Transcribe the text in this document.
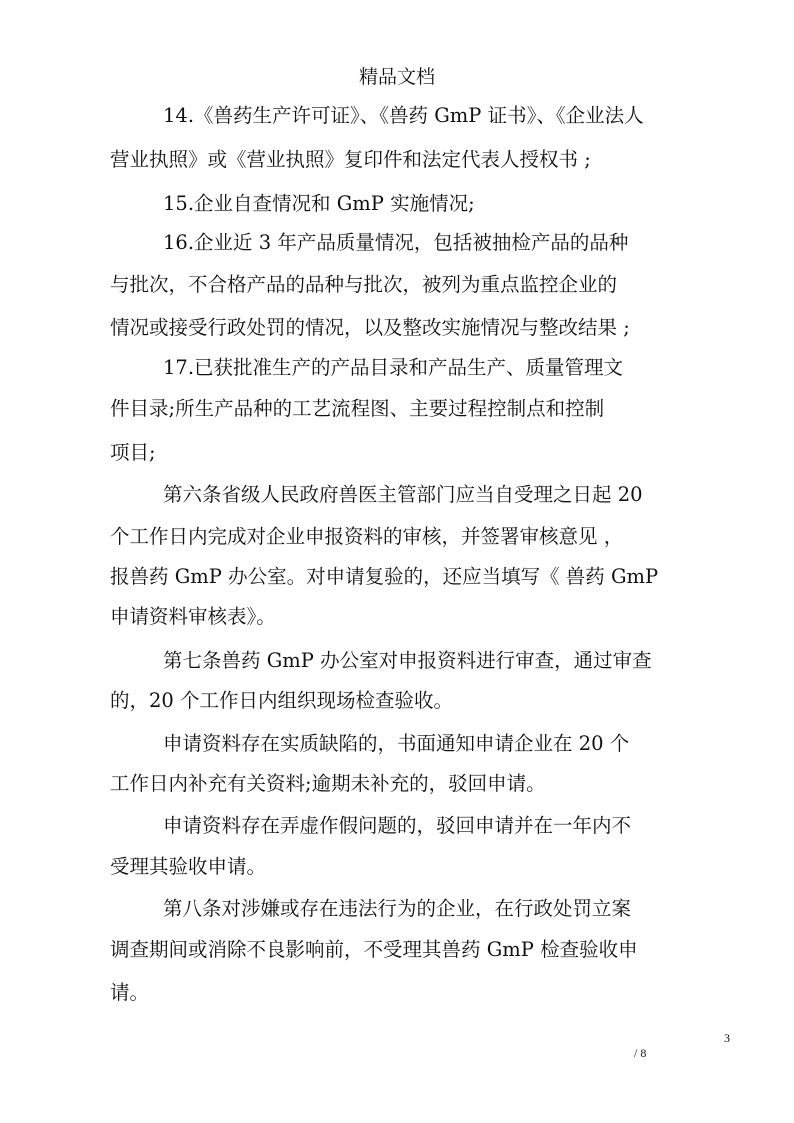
精品文档
14.《兽药生产许可证》、《兽药 GmP 证书》、《企业法人
营业执照》或《营业执照》复印件和法定代表人授权书 ;
15.企业自查情况和 GmP 实施情况;
16.企业近 3 年产品质量情况，包括被抽检产品的品种
与批次，不合格产品的品种与批次，被列为重点监控企业的
情况或接受行政处罚的情况，以及整改实施情况与整改结果 ;
17.已获批准生产的产品目录和产品生产、质量管理文
件目录;所生产品种的工艺流程图、主要过程控制点和控制
项目;
第六条省级人民政府兽医主管部门应当自受理之日起 20
个工作日内完成对企业申报资料的审核，并签署审核意见 ，
报兽药 GmP 办公室。对申请复验的，还应当填写《 兽药 GmP
申请资料审核表》。
第七条兽药 GmP 办公室对申报资料进行审查，通过审查
的，20 个工作日内组织现场检查验收。
申请资料存在实质缺陷的，书面通知申请企业在 20 个
工作日内补充有关资料;逾期未补充的，驳回申请。
申请资料存在弄虚作假问题的，驳回申请并在一年内不
受理其验收申请。
第八条对涉嫌或存在违法行为的企业，在行政处罚立案
调查期间或消除不良影响前，不受理其兽药 GmP 检查验收申
请。
3
/ 8
